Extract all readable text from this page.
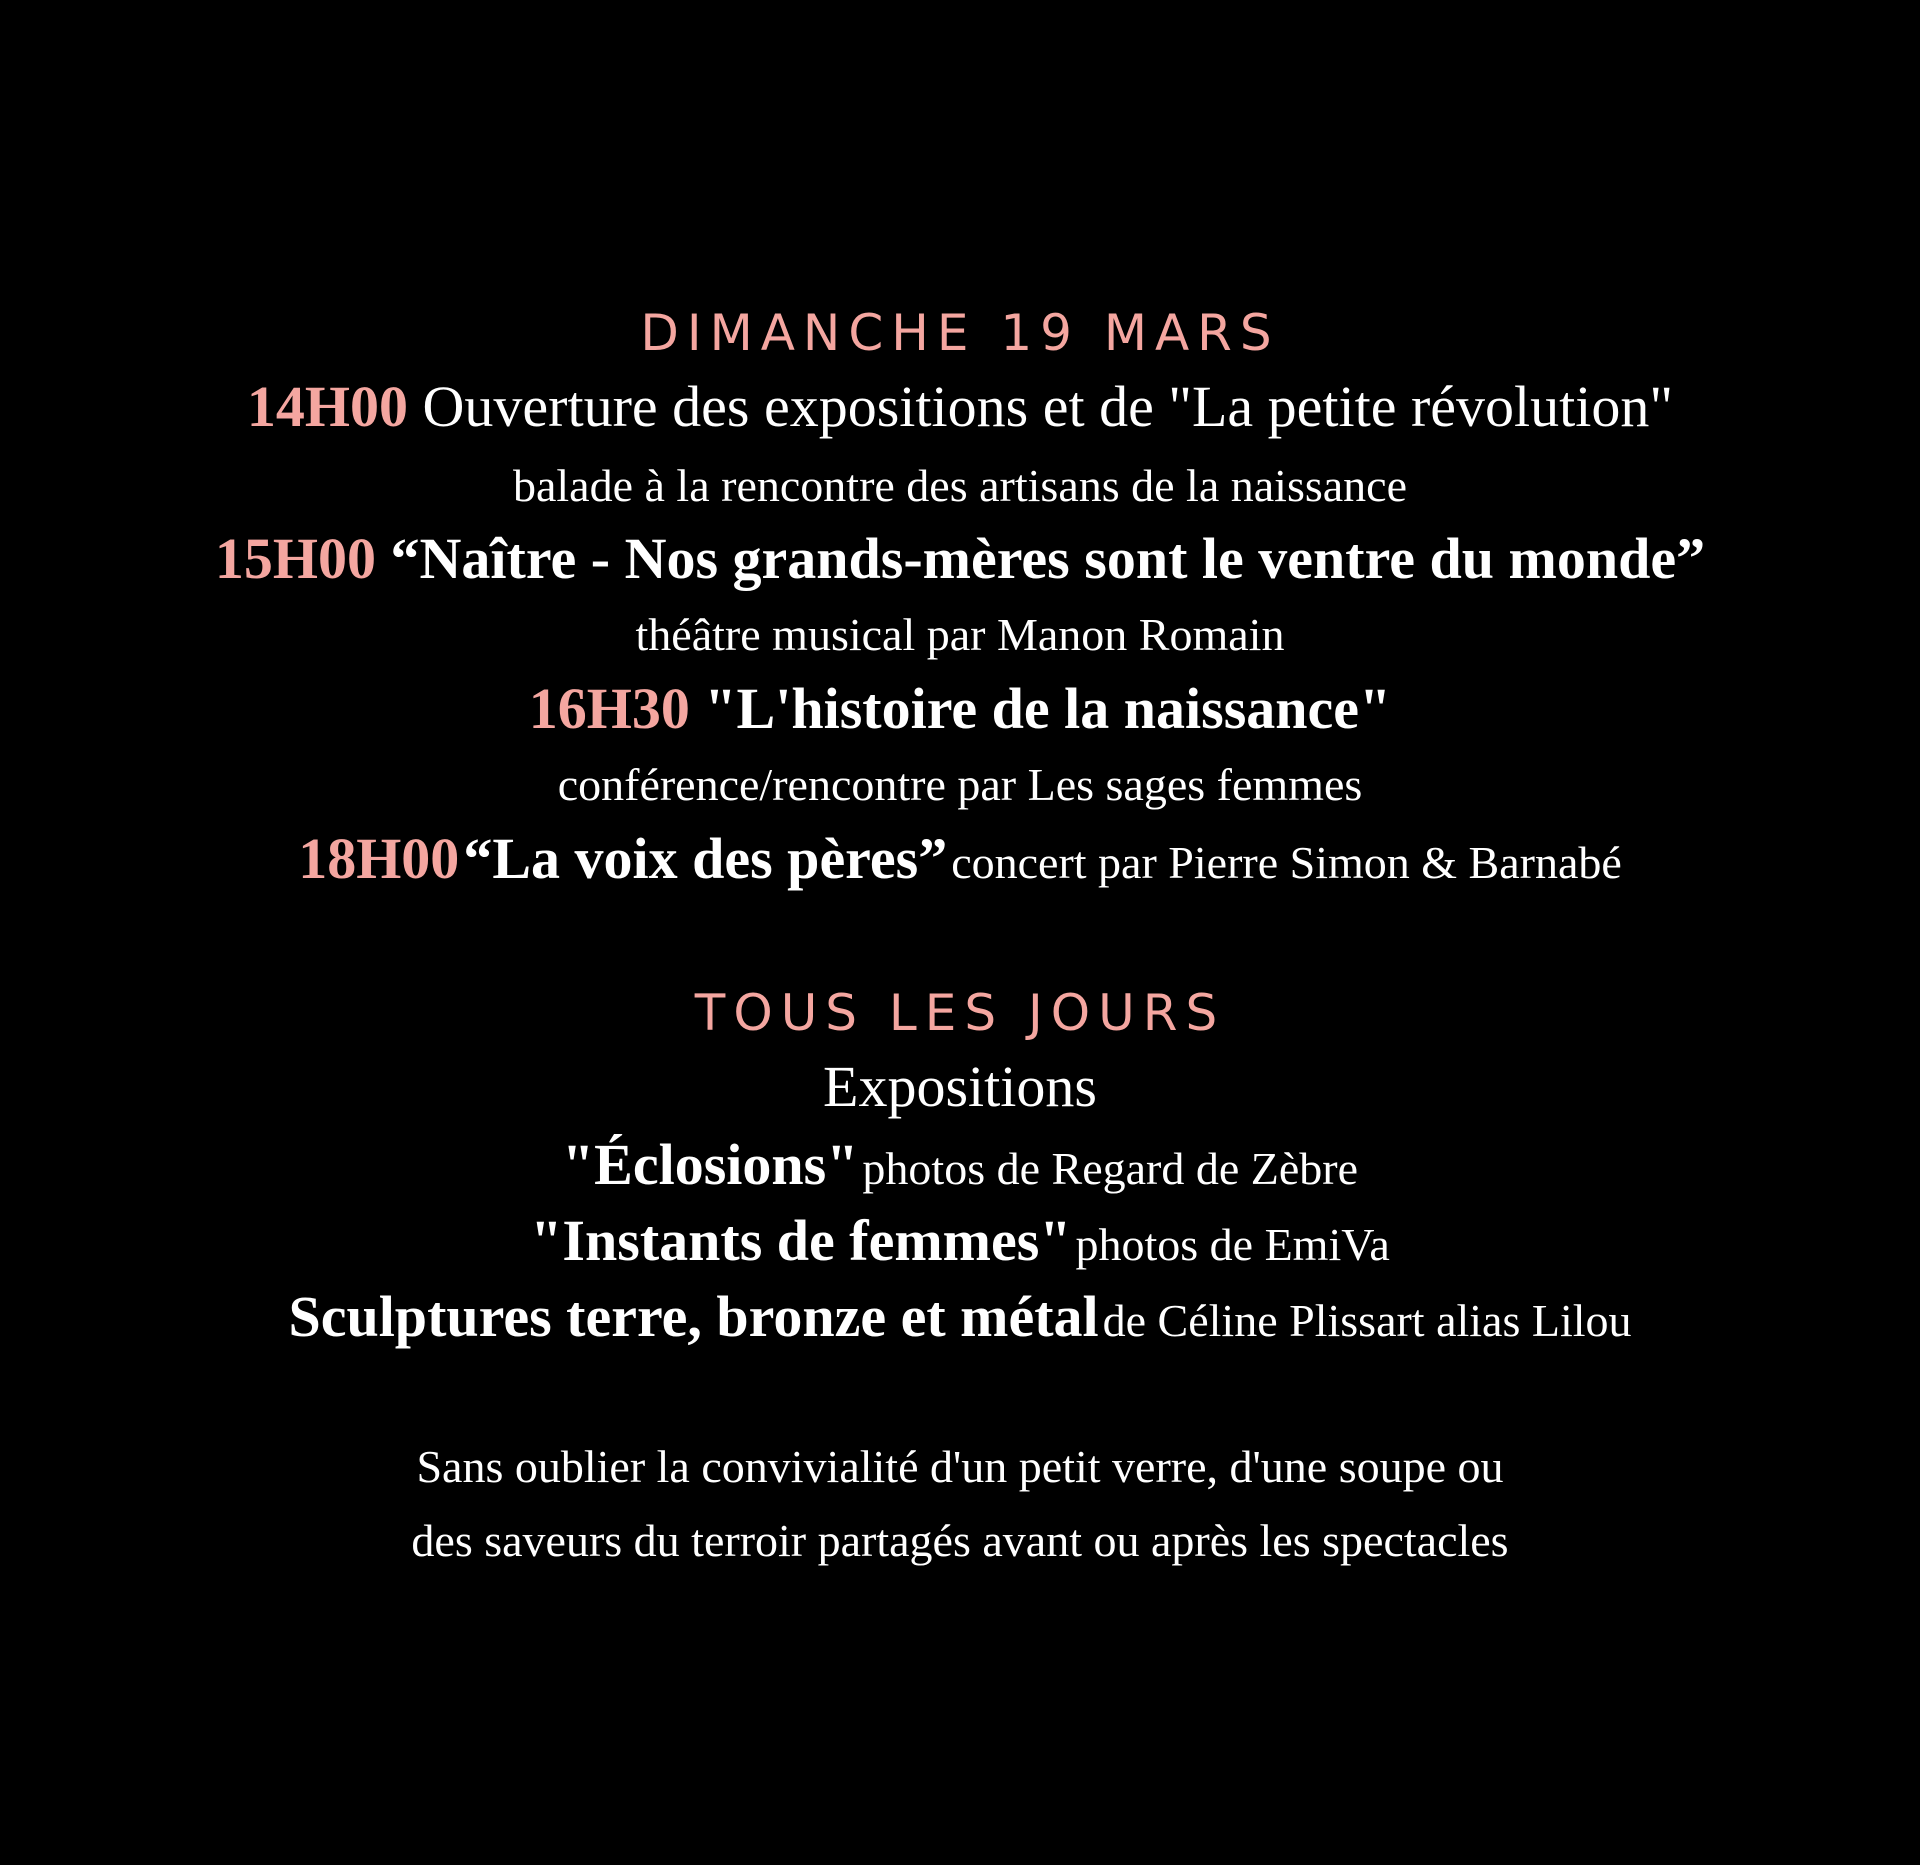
DIMANCHE 19 MARS
14H00 Ouverture des expositions et de "La petite révolution"
balade à la rencontre des artisans de la naissance
15H00 “Naître - Nos grands-mères sont le ventre du monde”
théâtre musical par Manon Romain
16H30 "L'histoire de la naissance"
conférence/rencontre par Les sages femmes
18H00 “La voix des pères” concert par Pierre Simon & Barnabé
TOUS LES JOURS
Expositions
"Éclosions" photos de Regard de Zèbre
"Instants de femmes" photos de EmiVa
Sculptures terre, bronze et métal de Céline Plissart alias Lilou
Sans oublier la convivialité d'un petit verre, d'une soupe ou
des saveurs du terroir partagés avant ou après les spectacles
